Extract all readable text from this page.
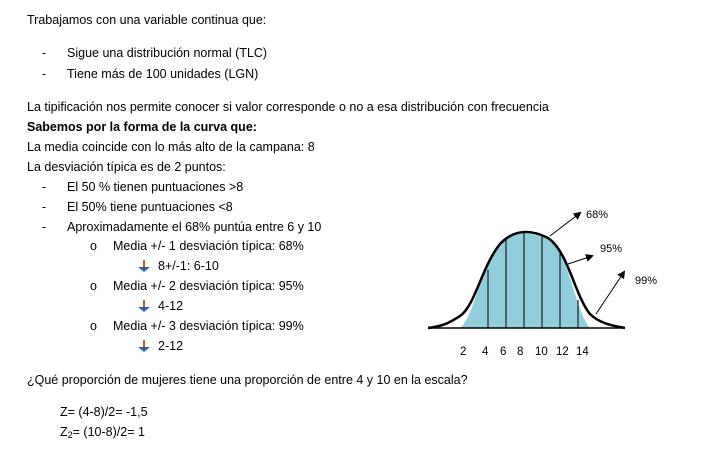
Trabajamos con una variable continua que:
- Sigue una distribución normal (TLC)
- Tiene más de 100 unidades (LGN)
La tipificación nos permite conocer si valor corresponde o no a esa distribución con frecuencia
Sabemos por la forma de la curva que:
La media coincide con lo más alto de la campana: 8
La desviación típica es de 2 puntos:
- El 50 % tienen puntuaciones >8
- El 50% tiene puntuaciones <8
- Aproximadamente el 68% puntúa entre 6 y 10
o Media +/- 1 desviación típica: 68%
8+/-1: 6-10
o Media +/- 2 desviación típica: 95%
4-12
o Media +/- 3 desviación típica: 99%
2-12
¿Qué proporción de mujeres tiene una proporción de entre 4 y 10 en la escala?
Z= (4-8)/2= -1,5
$Z_2= (10-8)/2= 1$
68%
95%
99%
2 4 6 8 10 12 14
